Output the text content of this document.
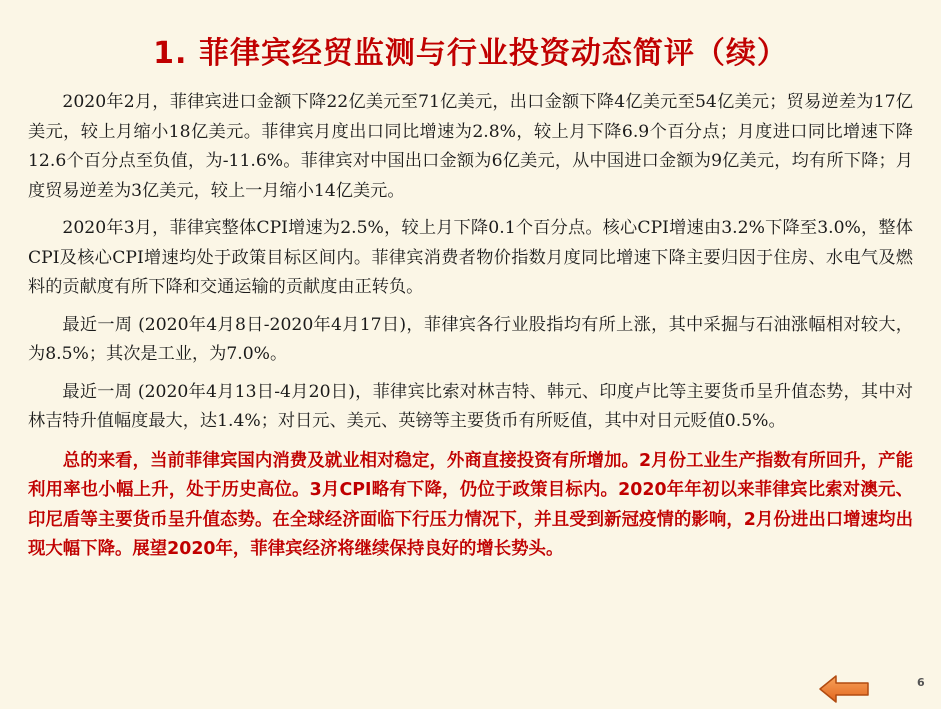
1. 菲律宾经贸监测与行业投资动态简评（续）

2020年2月，菲律宾进口金额下降22亿美元至71亿美元，出口金额下降4亿美元至54亿美元；贸易逆差为17亿美元，较上月缩小18亿美元。菲律宾月度出口同比增速为2.8%，较上月下降6.9个百分点；月度进口同比增速下降12.6个百分点至负值，为-11.6%。菲律宾对中国出口金额为6亿美元，从中国进口金额为9亿美元，均有所下降；月度贸易逆差为3亿美元，较上一月缩小14亿美元。

2020年3月，菲律宾整体CPI增速为2.5%，较上月下降0.1个百分点。核心CPI增速由3.2%下降至3.0%，整体CPI及核心CPI增速均处于政策目标区间内。菲律宾消费者物价指数月度同比增速下降主要归因于住房、水电气及燃料的贡献度有所下降和交通运输的贡献度由正转负。

最近一周 (2020年4月8日-2020年4月17日)，菲律宾各行业股指均有所上涨，其中采掘与石油涨幅相对较大，为8.5%；其次是工业，为7.0%。

最近一周 (2020年4月13日-4月20日)，菲律宾比索对林吉特、韩元、印度卢比等主要货币呈升值态势，其中对林吉特升值幅度最大，达1.4%；对日元、美元、英镑等主要货币有所贬值，其中对日元贬值0.5%。

总的来看，当前菲律宾国内消费及就业相对稳定，外商直接投资有所增加。2月份工业生产指数有所回升，产能利用率也小幅上升，处于历史高位。3月CPI略有下降，仍位于政策目标内。2020年年初以来菲律宾比索对澳元、印尼盾等主要货币呈升值态势。在全球经济面临下行压力情况下，并且受到新冠疫情的影响，2月份进出口增速均出现大幅下降。展望2020年，菲律宾经济将继续保持良好的增长势头。

6
